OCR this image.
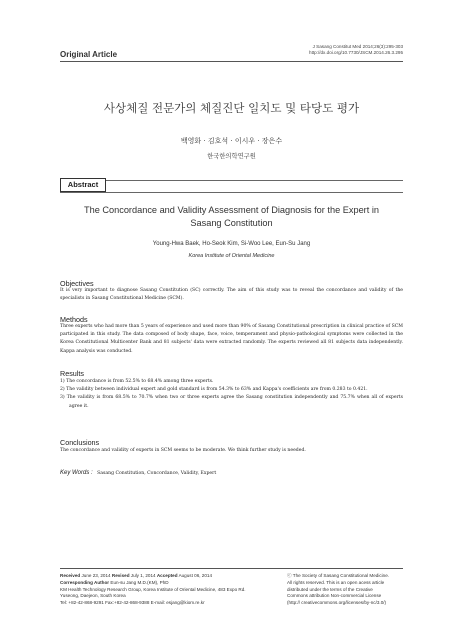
Original Article
J Sasang Constitut Med 2014;26(3):295-303
http://dx.doi.org/10.7730/JSCM.2014.26.3.295
사상체질 전문가의 체질진단 일치도 및 타당도 평가
백영화 · 김호석 · 이시우 · 장은수
한국한의학연구원
Abstract
The Concordance and Validity Assessment of Diagnosis for the Expert in
Sasang Constitution
Young-Hwa Baek, Ho-Seok Kim, Si-Woo Lee, Eun-Su Jang
Korea Institute of Oriental Medicine
Objectives
It is very important to diagnose Sasang Constitution (SC) correctly. The aim of this study was to reveal the concordance and validity of the specialists in Sasang Constitutional Medicine (SCM).
Methods
Three experts who had more than 5 years of experience and used more than 90% of Sasang Constitutional prescription in clinical practice of SCM participated in this study. The data composed of body shape, face, voice, temperament and physio-pathological symptoms were collected in the Korea Constitutional Multicenter Bank and 81 subjects' data were extracted randomly. The experts reviewed all 81 subjects data independently. Kappa analysis was conducted.
Results
1) The concordance is from 52.5% to 68.4% among three experts.
2) The validity between individual expert and gold standard is from 54.3% to 63% and Kappa's coefficients are from 0.283 to 0.421.
3) The validity is from 68.5% to 70.7% when two or three experts agree the Sasang constitution independently and 75.7% when all of experts agree it.
Conclusions
The concordance and validity of experts in SCM seems to be moderate. We think further study is needed.
Key Words : Sasang Constitution, Concordance, Validity, Expert
Received June 23, 2014 Revised July 1, 2014 Accepted August 06, 2014
Corresponding Author Eun-su Jang M.D.(KM), PhD
KM Health Technology Research Group, Korea Institute of Oriental Medicine, 483 Expo Rd.
Yuseong, Daejeon, South Korea
Tel: +82-42-868-9291 Fax:+82-42-868-9388 E-mail: esjang@kiom.re.kr
ⓒ The Society of Sasang Constitutional Medicine.
All rights reserved. This is an open acess article
distributed under the terms of the Creative
Commons attribution Non-commercial License
(http:// creativecommons.org/licenses/by-nc/3.0/)
